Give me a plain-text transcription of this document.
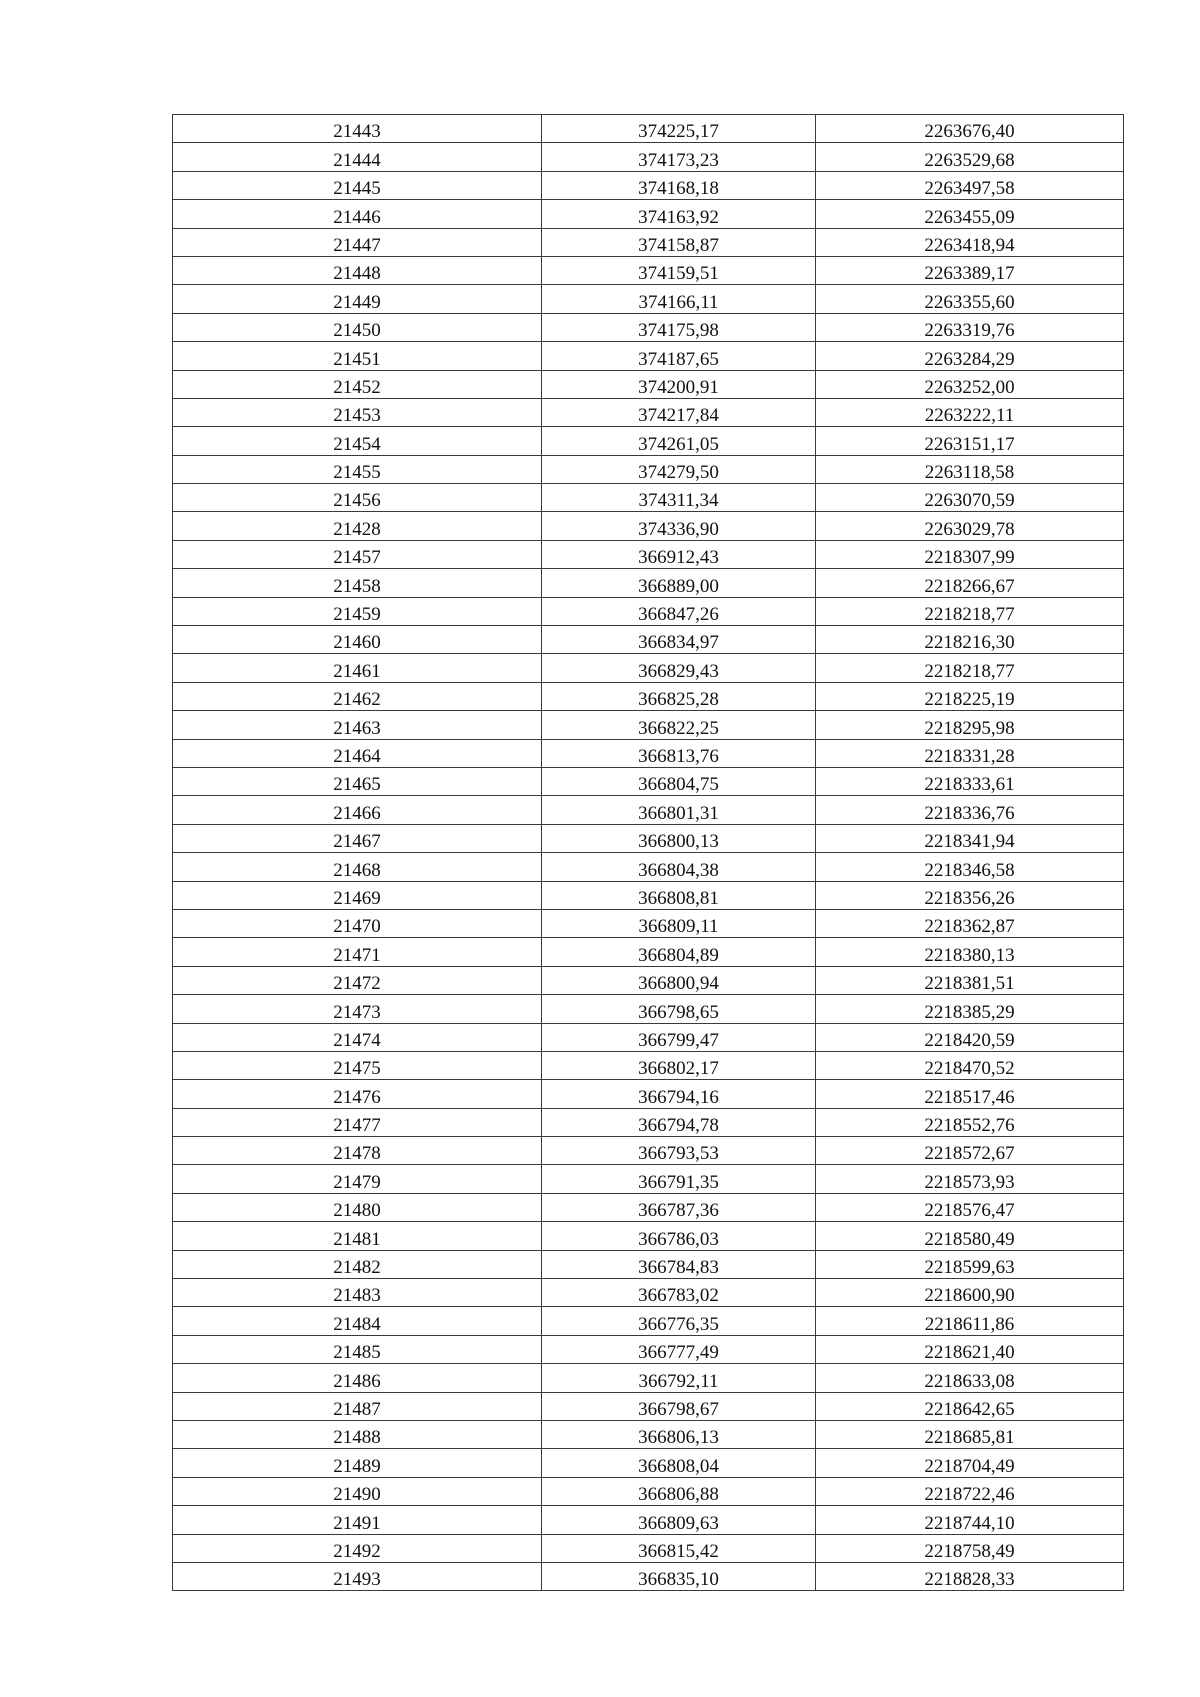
21443	374225,17	2263676,40
21444	374173,23	2263529,68
21445	374168,18	2263497,58
21446	374163,92	2263455,09
21447	374158,87	2263418,94
21448	374159,51	2263389,17
21449	374166,11	2263355,60
21450	374175,98	2263319,76
21451	374187,65	2263284,29
21452	374200,91	2263252,00
21453	374217,84	2263222,11
21454	374261,05	2263151,17
21455	374279,50	2263118,58
21456	374311,34	2263070,59
21428	374336,90	2263029,78
21457	366912,43	2218307,99
21458	366889,00	2218266,67
21459	366847,26	2218218,77
21460	366834,97	2218216,30
21461	366829,43	2218218,77
21462	366825,28	2218225,19
21463	366822,25	2218295,98
21464	366813,76	2218331,28
21465	366804,75	2218333,61
21466	366801,31	2218336,76
21467	366800,13	2218341,94
21468	366804,38	2218346,58
21469	366808,81	2218356,26
21470	366809,11	2218362,87
21471	366804,89	2218380,13
21472	366800,94	2218381,51
21473	366798,65	2218385,29
21474	366799,47	2218420,59
21475	366802,17	2218470,52
21476	366794,16	2218517,46
21477	366794,78	2218552,76
21478	366793,53	2218572,67
21479	366791,35	2218573,93
21480	366787,36	2218576,47
21481	366786,03	2218580,49
21482	366784,83	2218599,63
21483	366783,02	2218600,90
21484	366776,35	2218611,86
21485	366777,49	2218621,40
21486	366792,11	2218633,08
21487	366798,67	2218642,65
21488	366806,13	2218685,81
21489	366808,04	2218704,49
21490	366806,88	2218722,46
21491	366809,63	2218744,10
21492	366815,42	2218758,49
21493	366835,10	2218828,33
